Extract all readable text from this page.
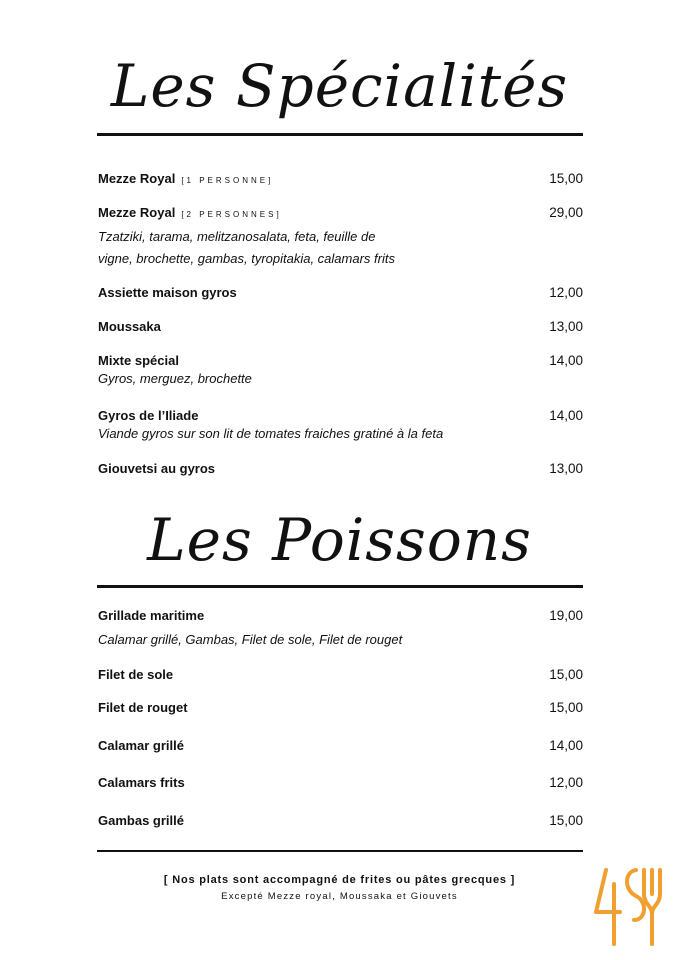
Les Spécialités
Mezze Royal [1 PERSONNE]	15,00
Mezze Royal [2 PERSONNES]	29,00
Tzatziki, tarama, melitzanosalata, feta, feuille de vigne, brochette, gambas, tyropitakia, calamars frits
Assiette maison gyros	12,00
Moussaka	13,00
Mixte spécial	14,00
Gyros, merguez, brochette
Gyros de l’Iliade	14,00
Viande gyros sur son lit de tomates fraiches gratiné à la feta
Giouvetsi au gyros	13,00
Les Poissons
Grillade maritime	19,00
Calamar grillé, Gambas, Filet de sole, Filet de rouget
Filet de sole	15,00
Filet de rouget	15,00
Calamar grillé	14,00
Calamars frits	12,00
Gambas grillé	15,00
[ Nos plats sont accompagné de frites ou pâtes grecques ]
Excepté Mezze royal, Moussaka et Giouvets
